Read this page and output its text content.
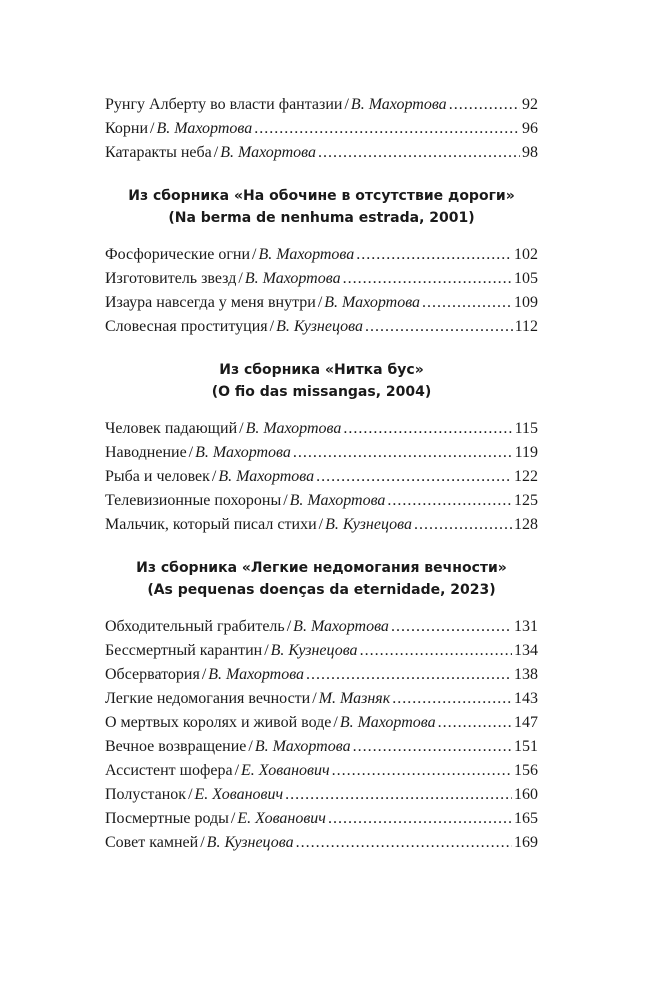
Рунгу Алберту во власти фантазии / В. Махортова .....	92
Корни / В. Махортова .....	96
Катаракты неба / В. Махортова .....	98
Из сборника «На обочине в отсутствие дороги»
(Na berma de nenhuma estrada, 2001)
Фосфорические огни / В. Махортова .....	102
Изготовитель звезд / В. Махортова .....	105
Изаура навсегда у меня внутри / В. Махортова .....	109
Словесная проституция / В. Кузнецова .....	112
Из сборника «Нитка бус»
(O fio das missangas, 2004)
Человек падающий / В. Махортова .....	115
Наводнение / В. Махортова .....	119
Рыба и человек / В. Махортова .....	122
Телевизионные похороны / В. Махортова .....	125
Мальчик, который писал стихи / В. Кузнецова .....	128
Из сборника «Легкие недомогания вечности»
(As pequenas doenças da eternidade, 2023)
Обходительный грабитель / В. Махортова .....	131
Бессмертный карантин / В. Кузнецова .....	134
Обсерватория / В. Махортова .....	138
Легкие недомогания вечности / М. Мазняк .....	143
О мертвых королях и живой воде / В. Махортова .....	147
Вечное возвращение / В. Махортова .....	151
Ассистент шофера / Е. Хованович .....	156
Полустанок / Е. Хованович .....	160
Посмертные роды / Е. Хованович .....	165
Совет камней / В. Кузнецова .....	169
